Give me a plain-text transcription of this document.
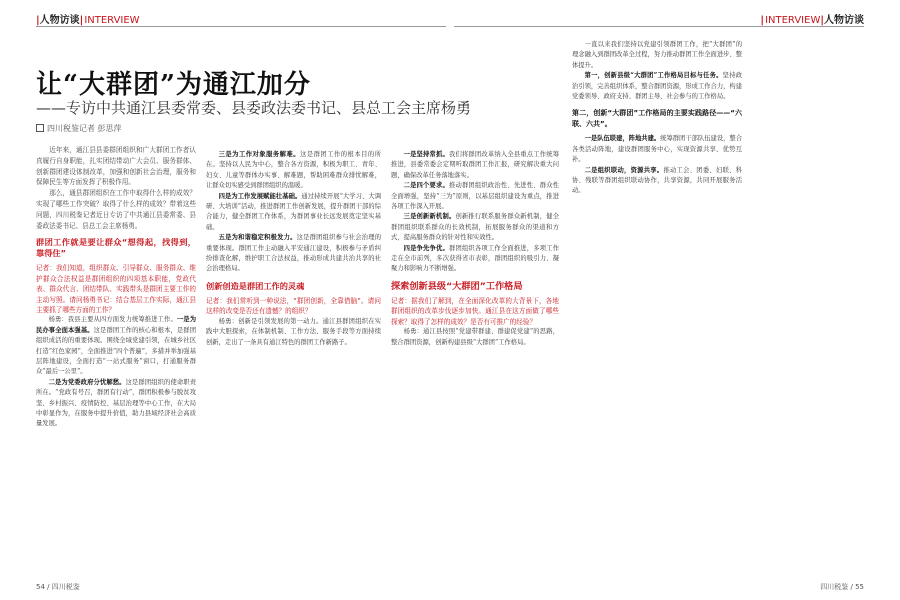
|人物访谈|INTERVIEW
让“大群团”为通江加分
——专访中共通江县委常委、县委政法委书记、县总工会主席杨勇
四川税鉴记者 彭思萍

近年来，通江县县委群团组织和广大群团工作者认真履行自身职能，扎实团结带动广大会员、服务群体、创新群团建设体制改革，加强和创新社会治理，服务和保障民生等方面发挥了积极作用。

那么，通县群团组织在工作中取得什么样的成效？实现了哪些工作突破？取得了什么样的成效？带着这些问题，四川税鉴记者近日专访了中共通江县委常委、县委政法委书记、县总工会主席杨勇。

群团工作就是要让群众“想得起，找得到，靠得住”

记者：我们知道，组织群众、引导群众、服务群众、维护群众合法权益是群团组织的四项基本职能，党政代表、群众代言、团结带队、实践带头是群团主要工作的主动写照。请问杨勇书记：结合基层工作实际，通江县主要抓了哪些方面的工作？

杨勇：我县主要从四方面发力统筹推进工作。一是为民办事全面本强基。这是群团工作的核心和根本，是群团组织成活的的重要体现。围绕全域党建引领，在城乡社区打造“红色家园”，全面推进“四个普遍”，多措并举加强基层阵地建设，全面打造“一站式服务”窗口，打通服务群众“最后一公里”。

二是为党委政府分忧解愁。这是群团组织的使命职责所在。“党政有号召，群团有行动”，群团积极参与脱贫攻坚、乡村振兴、疫情防控、基层治理等中心工作，在大局中彰显作为，在服务中提升价值，助力县域经济社会高质量发展。

三是为工作对象服务解难。这是群团工作的根本目的所在。坚持以人民为中心，整合各方资源，积极为职工、青年、妇女、儿童等群体办实事、解难题，帮助困难群众排忧解难，让群众切实感受到群团组织的温暖。

四是为工作发展赋能壮基础。通过持续开展“大学习、大调研、大培训”活动，推进群团工作创新发展，提升群团干部的综合能力，健全群团工作体系，为群团事业长远发展奠定坚实基础。

五是为和谐稳定积极发力。这是群团组织参与社会治理的重要体现。群团工作主动融入平安通江建设，积极参与矛盾纠纷排查化解，维护职工合法权益，推动形成共建共治共享的社会治理格局。

创新创造是群团工作的灵魂

记者：我们常听到一种说法，“群团创新，全靠借脑”。请问这样的改变是否还有遗憾？的组织？

杨勇：创新是引领发展的第一动力。通江县群团组织在实践中大胆探索，在体制机制、工作方法、服务手段等方面持续创新，走出了一条具有通江特色的群团工作新路子。

54 / 四川税鉴

一是坚持常抓。我们将群团改革纳入全县重点工作统筹推进，县委常委会定期听取群团工作汇报，研究解决重大问题，确保改革任务落地落实。

二是四个要求。推动群团组织政治性、先进性、群众性全面增强，坚持“三为”原则，以基层组织建设为重点，推进各项工作深入开展。

三是创新新机制。创新推行联系服务群众新机制，健全群团组织联系群众的长效机制，拓展服务群众的渠道和方式，提高服务群众的针对性和实效性。

四是争先争优。群团组织各项工作全面推进，多项工作走在全市前列，多次获得省市表彰，群团组织的吸引力、凝聚力和影响力不断增强。

探索创新县级“大群团”工作格局

记者：据我们了解到，在全面深化改革的大背景下，各地群团组织的改革步伐逐步加快。通江县在这方面做了哪些探索？取得了怎样的成效？是否有可推广的经验？

杨勇：通江县按照“党建带群建、群建促党建”的思路，整合群团资源，创新构建县级“大群团”工作格局。

|INTERVIEW|人物访谈

一直以来我们坚持以党建引领群团工作，把“大群团”的理念融入到群团改革全过程，努力推动群团工作全面进步、整体提升。

第一，创新县级“大群团”工作格局目标与任务。坚持政治引领，完善组织体系，整合群团资源，形成工作合力，构建党委领导、政府支持、群团主导、社会参与的工作格局。

第二，创新“大群团”工作格局的主要实践路径——“六联、六共”。

一是队伍联建，阵地共建。统筹群团干部队伍建设，整合各类活动阵地，建设群团服务中心，实现资源共享、优势互补。

二是组织联动，资源共享。推动工会、团委、妇联、科协、残联等群团组织联动协作，共享资源，共同开展服务活动。

四川税鉴 / 55
